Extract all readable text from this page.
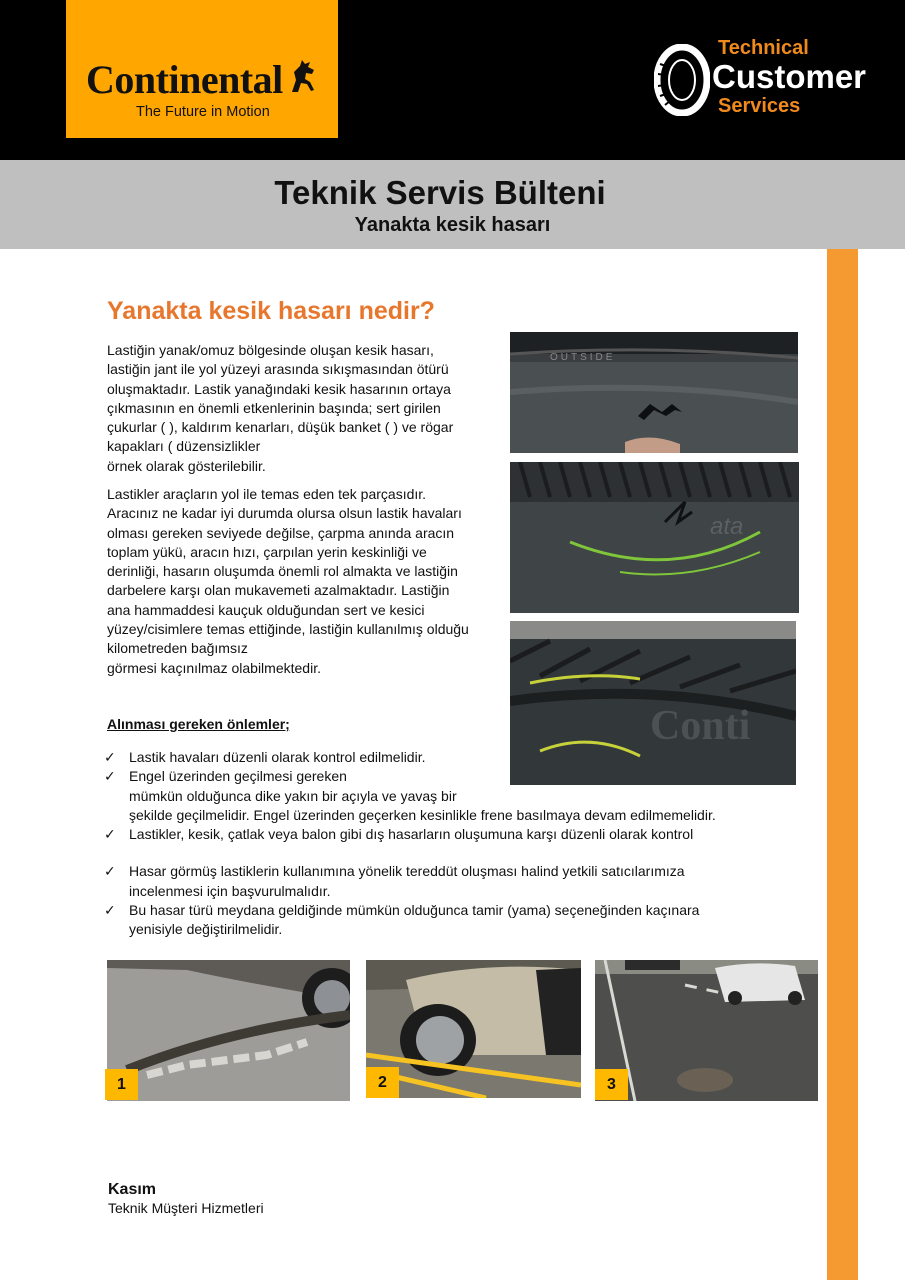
Continental
The Future in Motion
Technical
Customer
Services
Teknik Servis Bülteni
Yanakta kesik hasarı
Yanakta kesik hasarı nedir?
Lastiğin yanak/omuz bölgesinde oluşan kesik hasarı,
lastiğin jant ile yol yüzeyi arasında sıkışmasından ötürü
oluşmaktadır. Lastik yanağındaki kesik hasarının ortaya
çıkmasının en önemli etkenlerinin başında; sert girilen
çukurlar ( ), kaldırım kenarları, düşük banket ( ) ve rögar
kapakları ( düzensizlikler
örnek olarak gösterilebilir.
Lastikler araçların yol ile temas eden tek parçasıdır.
Aracınız ne kadar iyi durumda olursa olsun lastik havaları
olması gereken seviyede değilse, çarpma anında aracın
toplam yükü, aracın hızı, çarpılan yerin keskinliği ve
derinliği, hasarın oluşumda önemli rol almakta ve lastiğin
darbelere karşı olan mukavemeti azalmaktadır. Lastiğin
ana hammaddesi kauçuk olduğundan sert ve kesici
yüzey/cisimlere temas ettiğinde, lastiğin kullanılmış olduğu
kilometreden bağımsız
görmesi kaçınılmaz olabilmektedir.
OUTSIDE
ata
Conti
Alınması gereken önlemler;
✓ Lastik havaları düzenli olarak kontrol edilmelidir.
✓ Engel üzerinden geçilmesi gereken
mümkün olduğunca dike yakın bir açıyla ve yavaş bir
şekilde geçilmelidir. Engel üzerinden geçerken kesinlikle frene basılmaya devam edilmemelidir.
✓ Lastikler, kesik, çatlak veya balon gibi dış hasarların oluşumuna karşı düzenli olarak kontrol
✓ Hasar görmüş lastiklerin kullanımına yönelik tereddüt oluşması halind yetkili satıcılarımıza
incelenmesi için başvurulmalıdır.
✓ Bu hasar türü meydana geldiğinde mümkün olduğunca tamir (yama) seçeneğinden kaçınara
yenisiyle değiştirilmelidir.
1	2	3
Kasım
Teknik Müşteri Hizmetleri
